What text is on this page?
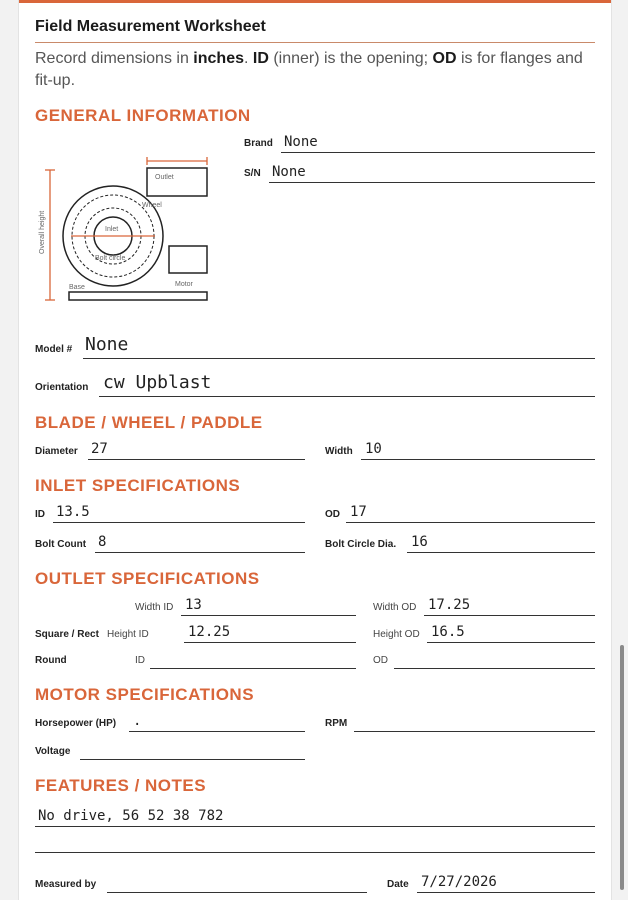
Field Measurement Worksheet
Record dimensions in inches. ID (inner) is the opening; OD is for flanges and fit-up.
GENERAL INFORMATION
Brand None
S/N None
Outlet
Wheel
Inlet
Bolt circle
Base	Motor
Overall height
Model # None
Orientation cw Upblast
BLADE / WHEEL / PADDLE
Diameter 27	Width 10
INLET SPECIFICATIONS
ID 13.5	OD 17
Bolt Count 8	Bolt Circle Dia. 16
OUTLET SPECIFICATIONS
Width ID 13	Width OD 17.25
Square / Rect Height ID	12.25	Height OD 16.5
Round	ID	OD
MOTOR SPECIFICATIONS
Horsepower (HP) .	RPM
Voltage
FEATURES / NOTES
No drive, 56 52 38 782
Measured by	Date 7/27/2026
